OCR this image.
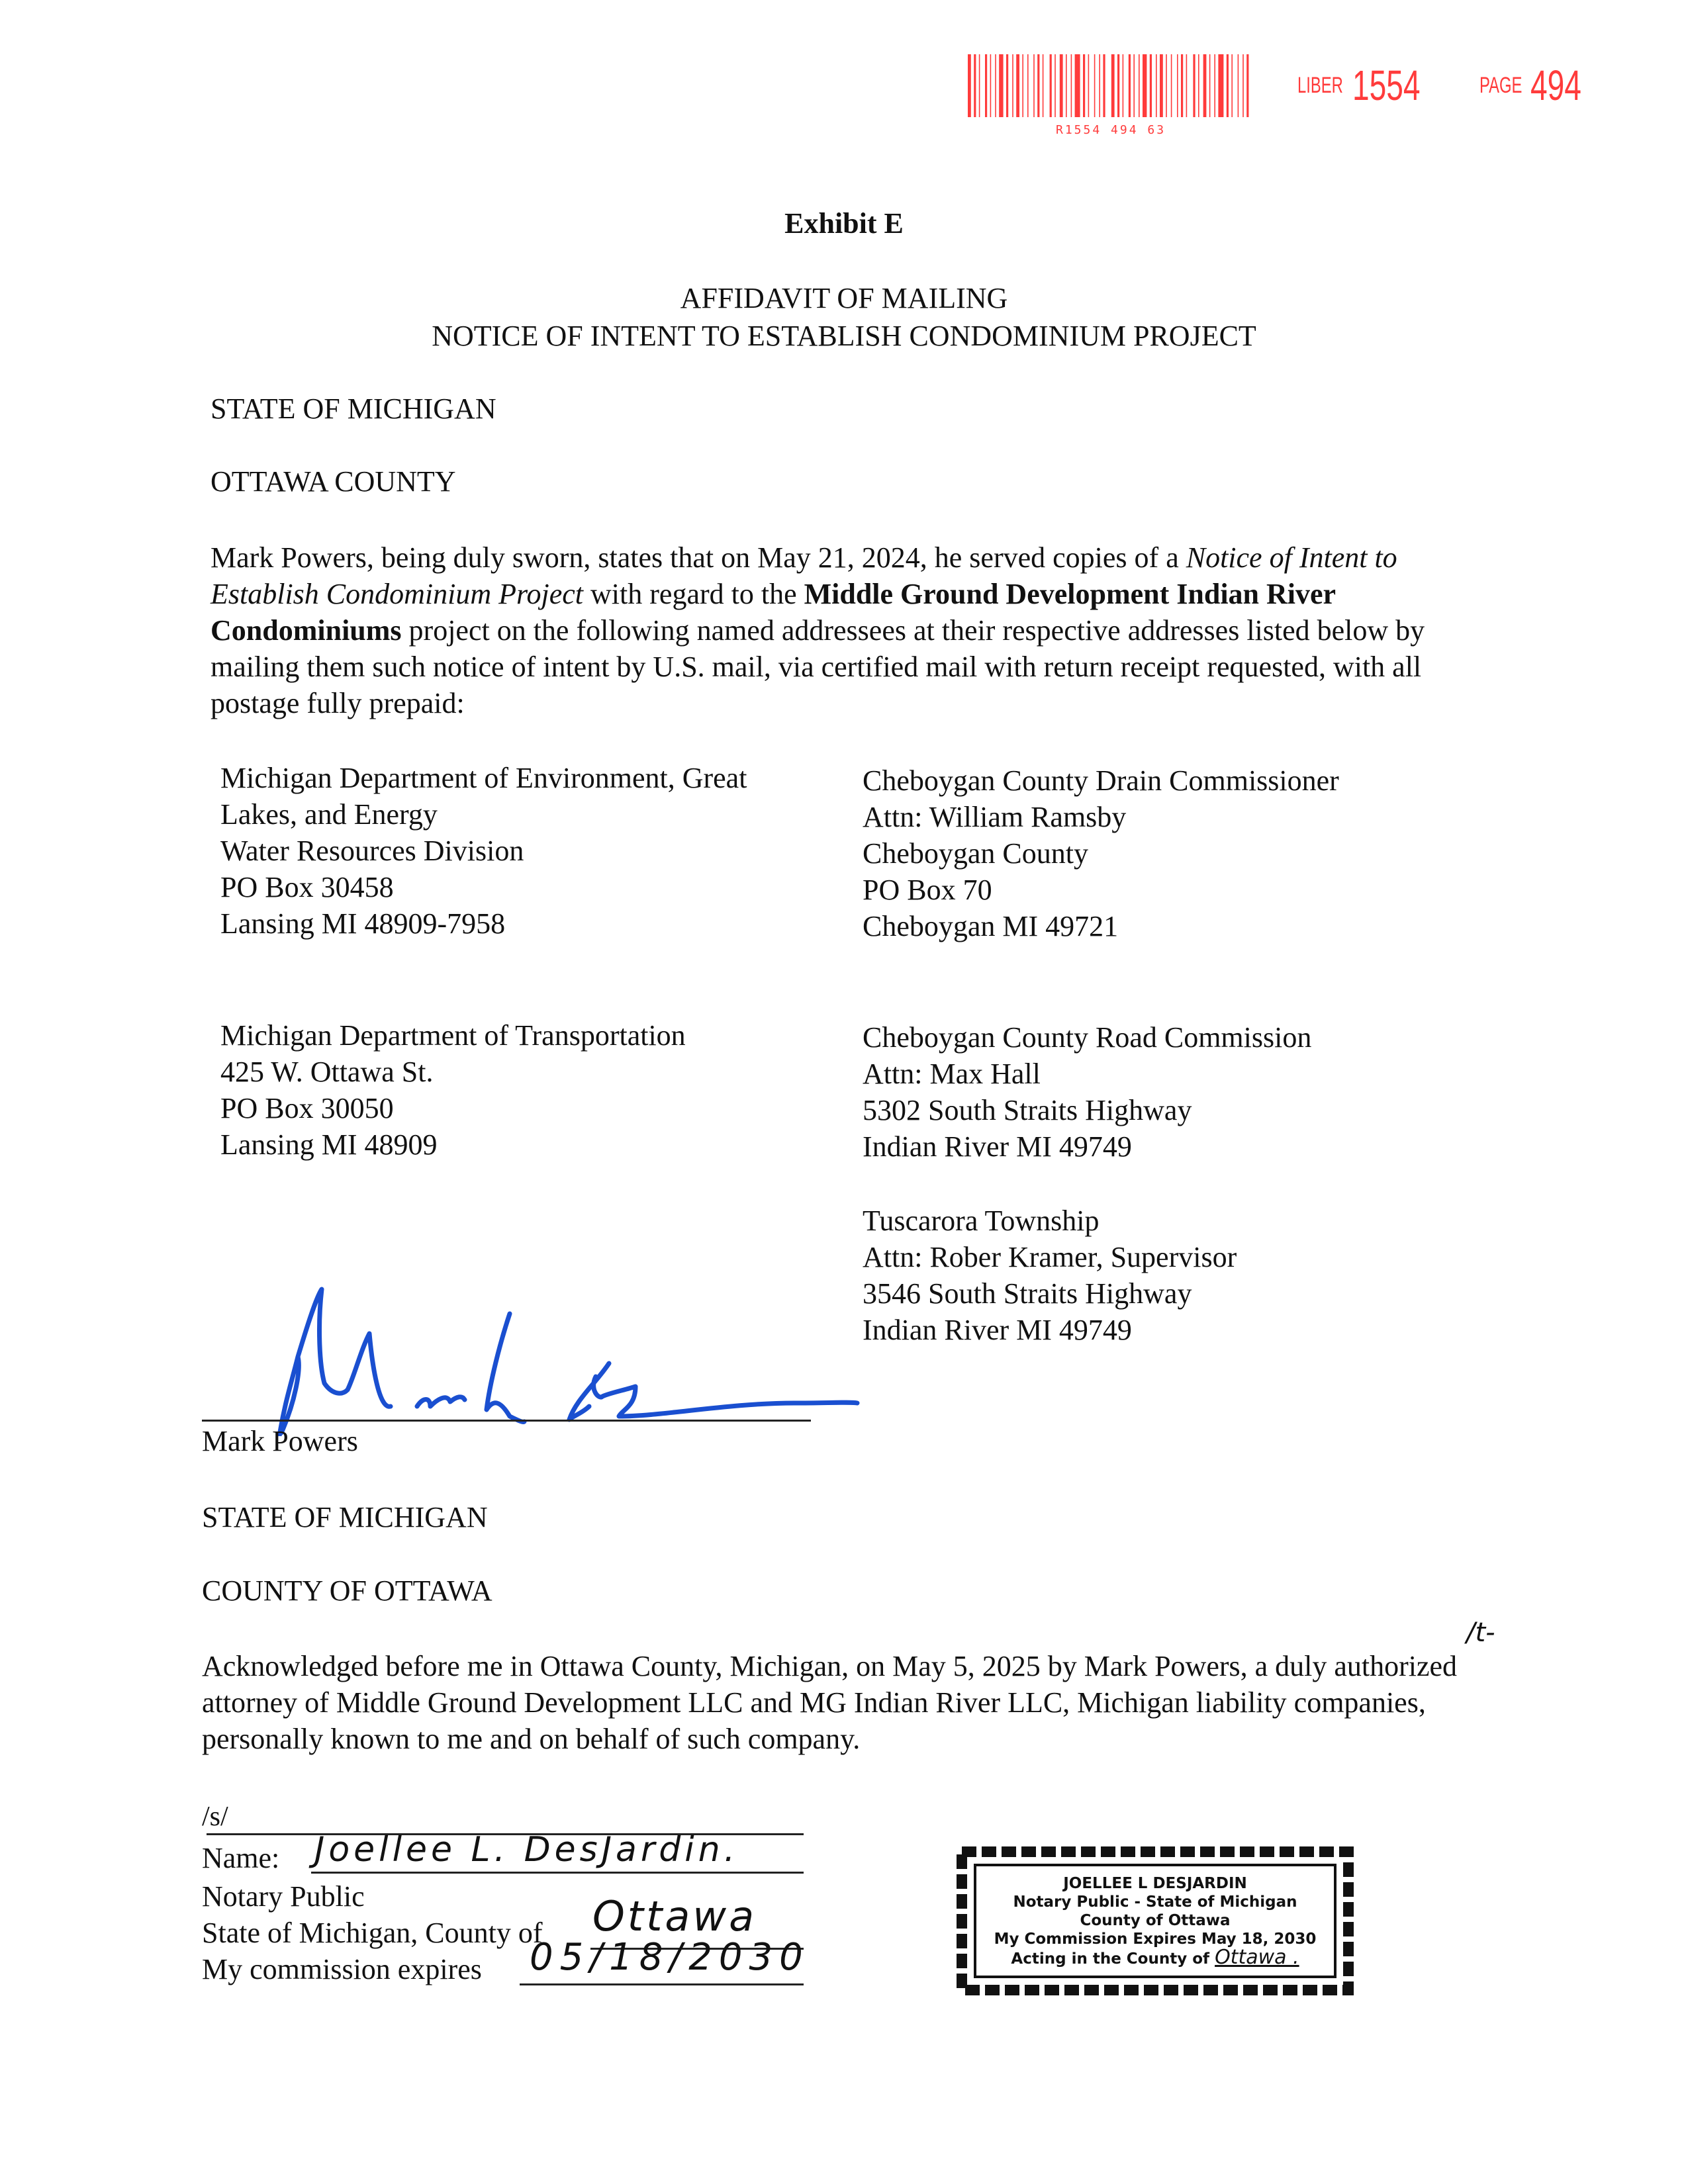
R1554 494 63
LIBER 1554	PAGE 494
Exhibit E
AFFIDAVIT OF MAILING
NOTICE OF INTENT TO ESTABLISH CONDOMINIUM PROJECT
STATE OF MICHIGAN
OTTAWA COUNTY

Mark Powers, being duly sworn, states that on May 21, 2024, he served copies of a Notice of Intent to Establish Condominium Project with regard to the Middle Ground Development Indian River Condominiums project on the following named addressees at their respective addresses listed below by mailing them such notice of intent by U.S. mail, via certified mail with return receipt requested, with all postage fully prepaid:

Michigan Department of Environment, Great
Lakes, and Energy
Water Resources Division
PO Box 30458
Lansing MI 48909-7958
Cheboygan County Drain Commissioner
Attn: William Ramsby
Cheboygan County
PO Box 70
Cheboygan MI 49721
Michigan Department of Transportation
425 W. Ottawa St.
PO Box 30050
Lansing MI 48909
Cheboygan County Road Commission
Attn: Max Hall
5302 South Straits Highway
Indian River MI 49749
Tuscarora Township
Attn: Rober Kramer, Supervisor
3546 South Straits Highway
Indian River MI 49749
Mark Powers
STATE OF MICHIGAN
COUNTY OF OTTAWA
/t-

Acknowledged before me in Ottawa County, Michigan, on May 5, 2025 by Mark Powers, a duly authorized attorney of Middle Ground Development LLC and MG Indian River LLC, Michigan liability companies, personally known to me and on behalf of such company.

/s/
Name: Joellee L. DesJardin.
Notary Public
State of Michigan, County of Ottawa
My commission expires 05/18/2030
JOELLEE L DESJARDIN
Notary Public - State of Michigan
County of Ottawa
My Commission Expires May 18, 2030
Acting in the County of Ottawa .
